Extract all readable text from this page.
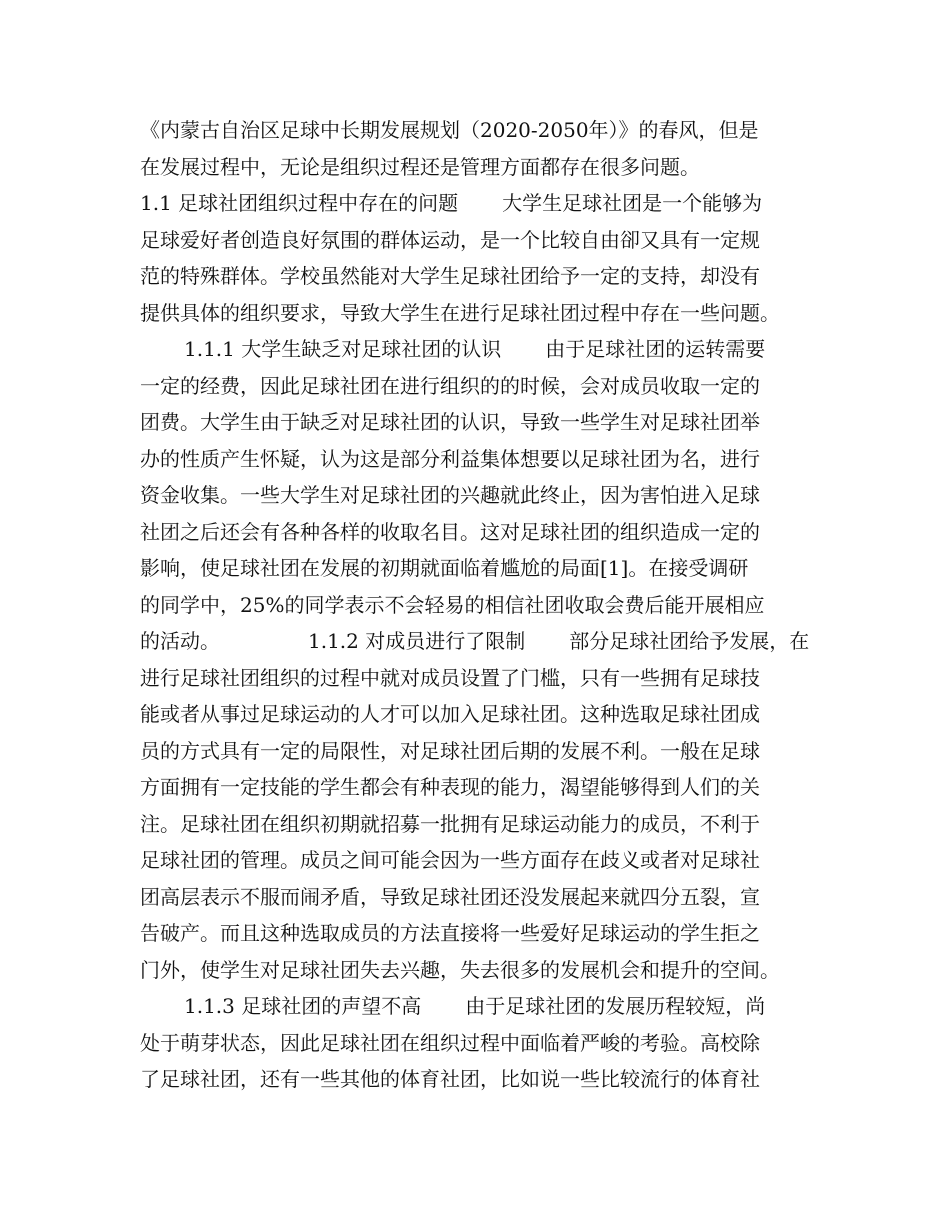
《内蒙古自治区足球中长期发展规划（2020-2050年）》的春风，但是
在发展过程中，无论是组织过程还是管理方面都存在很多问题。
1.1 足球社团组织过程中存在的问题 大学生足球社团是一个能够为
足球爱好者创造良好氛围的群体运动，是一个比较自由卻又具有一定规
范的特殊群体。学校虽然能对大学生足球社团给予一定的支持，却没有
提供具体的组织要求，导致大学生在进行足球社团过程中存在一些问题。
1.1.1 大学生缺乏对足球社团的认识 由于足球社团的运转需要
一定的经费，因此足球社团在进行组织的的时候，会对成员收取一定的
团费。大学生由于缺乏对足球社团的认识，导致一些学生对足球社团举
办的性质产生怀疑，认为这是部分利益集体想要以足球社团为名，进行
资金收集。一些大学生对足球社团的兴趣就此终止，因为害怕进入足球
社团之后还会有各种各样的收取名目。这对足球社团的组织造成一定的
影响，使足球社团在发展的初期就面临着尴尬的局面[1]。在接受调研
的同学中，25%的同学表示不会轻易的相信社团收取会费后能开展相应
的活动。	1.1.2 对成员进行了限制 部分足球社团给予发展，在
进行足球社团组织的过程中就对成员设置了门槛，只有一些拥有足球技
能或者从事过足球运动的人才可以加入足球社团。这种选取足球社团成
员的方式具有一定的局限性，对足球社团后期的发展不利。一般在足球
方面拥有一定技能的学生都会有种表现的能力，渴望能够得到人们的关
注。足球社团在组织初期就招募一批拥有足球运动能力的成员，不利于
足球社团的管理。成员之间可能会因为一些方面存在歧义或者对足球社
团高层表示不服而闹矛盾，导致足球社团还没发展起来就四分五裂，宣
告破产。而且这种选取成员的方法直接将一些爱好足球运动的学生拒之
门外，使学生对足球社团失去兴趣，失去很多的发展机会和提升的空间。
1.1.3 足球社团的声望不高 由于足球社团的发展历程较短，尚
处于萌芽状态，因此足球社团在组织过程中面临着严峻的考验。高校除
了足球社团，还有一些其他的体育社团，比如说一些比较流行的体育社
